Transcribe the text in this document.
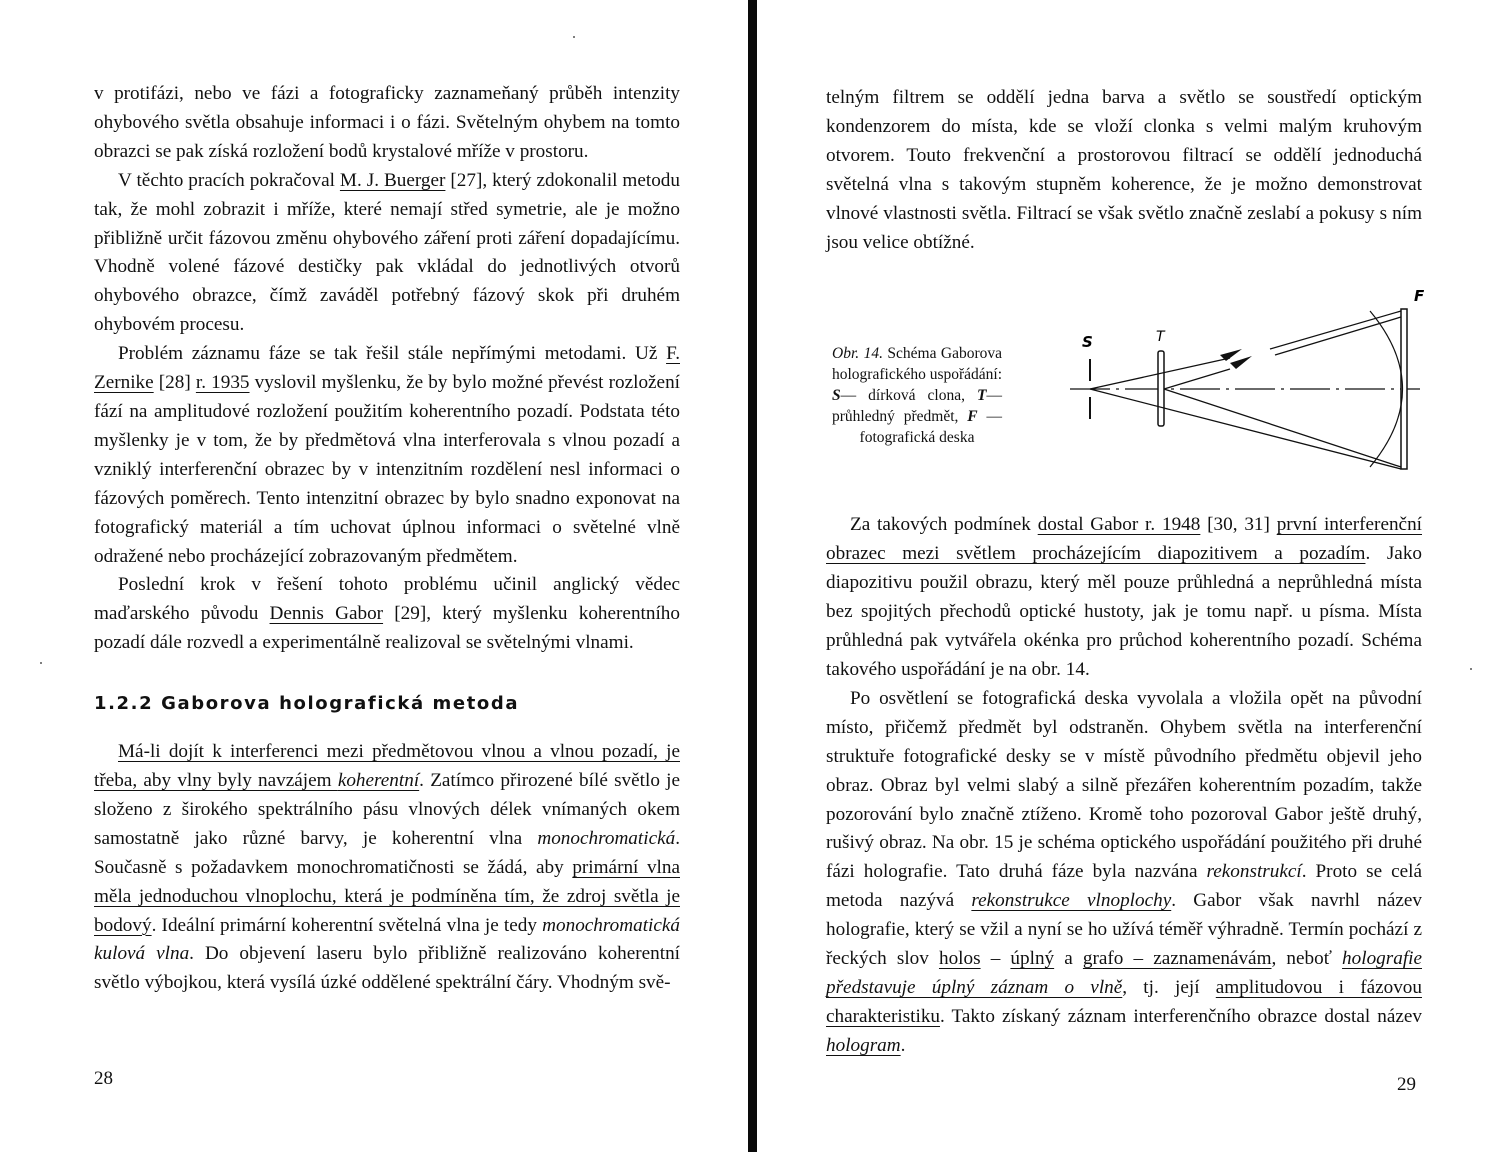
v protifázi, nebo ve fázi a fotograficky zaznameňaný průběh intenzity ohybového světla obsahuje informaci i o fázi. Světelným ohybem na tomto obrazci se pak získá rozložení bodů krystalové mříže v prostoru.

V těchto pracích pokračoval M. J. Buerger [27], který zdokonalil metodu tak, že mohl zobrazit i mříže, které nemají střed symetrie, ale je možno přibližně určit fázovou změnu ohybového záření proti záření dopadajícímu. Vhodně volené fázové destičky pak vkládal do jednotlivých otvorů ohybového obrazce, čímž zaváděl potřebný fázový skok při druhém ohybovém procesu.

Problém záznamu fáze se tak řešil stále nepřímými metodami. Už F. Zernike [28] r. 1935 vyslovil myšlenku, že by bylo možné převést rozložení fází na amplitudové rozložení použitím koherentního pozadí. Podstata této myšlenky je v tom, že by předmětová vlna interferovala s vlnou pozadí a vzniklý interferenční obrazec by v intenzitním rozdělení nesl informaci o fázových poměrech. Tento intenzitní obrazec by bylo snadno exponovat na fotografický materiál a tím uchovat úplnou informaci o světelné vlně odražené nebo procházející zobrazovaným předmětem.

Poslední krok v řešení tohoto problému učinil anglický vědec maďarského původu Dennis Gabor [29], který myšlenku koherentního pozadí dále rozvedl a experimentálně realizoval se světelnými vlnami.

1.2.2 Gaborova holografická metoda

Má-li dojít k interferenci mezi předmětovou vlnou a vlnou pozadí, je třeba, aby vlny byly navzájem koherentní. Zatímco přirozené bílé světlo je složeno z širokého spektrálního pásu vlnových délek vnímaných okem samostatně jako různé barvy, je koherentní vlna monochromatická. Současně s požadavkem monochromatičnosti se žádá, aby primární vlna měla jednoduchou vlnoplochu, která je podmíněna tím, že zdroj světla je bodový. Ideální primární koherentní světelná vlna je tedy monochromatická kulová vlna. Do objevení laseru bylo přibližně realizováno koherentní světlo výbojkou, která vysílá úzké oddělené spektrální čáry. Vhodným svě-

28

telným filtrem se oddělí jedna barva a světlo se soustředí optickým kondenzorem do místa, kde se vloží clonka s velmi malým kruhovým otvorem. Touto frekvenční a prostorovou filtrací se oddělí jednoduchá světelná vlna s takovým stupněm koherence, že je možno demonstrovat vlnové vlastnosti světla. Filtrací se však světlo značně zeslabí a pokusy s ním jsou velice obtížné.

Obr. 14. Schéma Gaborova holografického uspořádání: S— dírková clona, T— průhledný předmět, F — fotografická deska
S	T
F

Za takových podmínek dostal Gabor r. 1948 [30, 31] první interferenční obrazec mezi světlem procházejícím diapozitivem a pozadím. Jako diapozitivu použil obrazu, který měl pouze průhledná a neprůhledná místa bez spojitých přechodů optické hustoty, jak je tomu např. u písma. Místa průhledná pak vytvářela okénka pro průchod koherentního pozadí. Schéma takového uspořádání je na obr. 14.

Po osvětlení se fotografická deska vyvolala a vložila opět na původní místo, přičemž předmět byl odstraněn. Ohybem světla na interferenční struktuře fotografické desky se v místě původního předmětu objevil jeho obraz. Obraz byl velmi slabý a silně přezářen koherentním pozadím, takže pozorování bylo značně ztíženo. Kromě toho pozoroval Gabor ještě druhý, rušivý obraz. Na obr. 15 je schéma optického uspořádání použitého při druhé fázi holografie. Tato druhá fáze byla nazvána rekonstrukcí. Proto se celá metoda nazývá rekonstrukce vlnoplochy. Gabor však navrhl název holografie, který se vžil a nyní se ho užívá téměř výhradně. Termín pochází z řeckých slov holos – úplný a grafo – zaznamenávám, neboť holografie představuje úplný záznam o vlně, tj. její amplitudovou i fázovou charakteristiku. Takto získaný záznam interferenčního obrazce dostal název hologram.

29
